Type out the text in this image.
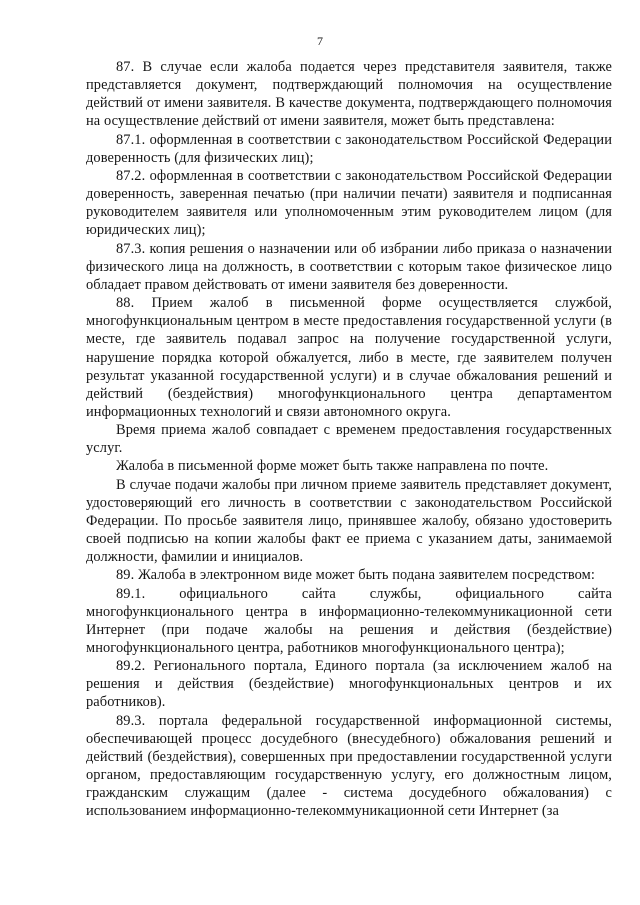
7

87. В случае если жалоба подается через представителя заявителя, также представляется документ, подтверждающий полномочия на осуществление действий от имени заявителя. В качестве документа, подтверждающего полномочия на осуществление действий от имени заявителя, может быть представлена:

87.1. оформленная в соответствии с законодательством Российской Федерации доверенность (для физических лиц);

87.2. оформленная в соответствии с законодательством Российской Федерации доверенность, заверенная печатью (при наличии печати) заявителя и подписанная руководителем заявителя или уполномоченным этим руководителем лицом (для юридических лиц);

87.3. копия решения о назначении или об избрании либо приказа о назначении физического лица на должность, в соответствии с которым такое физическое лицо обладает правом действовать от имени заявителя без доверенности.

88. Прием жалоб в письменной форме осуществляется службой, многофункциональным центром в месте предоставления государственной услуги (в месте, где заявитель подавал запрос на получение государственной услуги, нарушение порядка которой обжалуется, либо в месте, где заявителем получен результат указанной государственной услуги) и в случае обжалования решений и действий (бездействия) многофункционального центра департаментом информационных технологий и связи автономного округа.

Время приема жалоб совпадает с временем предоставления государственных услуг.

Жалоба в письменной форме может быть также направлена по почте.

В случае подачи жалобы при личном приеме заявитель представляет документ, удостоверяющий его личность в соответствии с законодательством Российской Федерации. По просьбе заявителя лицо, принявшее жалобу, обязано удостоверить своей подписью на копии жалобы факт ее приема с указанием даты, занимаемой должности, фамилии и инициалов.

89. Жалоба в электронном виде может быть подана заявителем посредством:

89.1. официального сайта службы, официального сайта многофункционального центра в информационно-телекоммуникационной сети Интернет (при подаче жалобы на решения и действия (бездействие) многофункционального центра, работников многофункционального центра);

89.2. Регионального портала, Единого портала (за исключением жалоб на решения и действия (бездействие) многофункциональных центров и их работников).

89.3. портала федеральной государственной информационной системы, обеспечивающей процесс досудебного (внесудебного) обжалования решений и действий (бездействия), совершенных при предоставлении государственной услуги органом, предоставляющим государственную услугу, его должностным лицом, гражданским служащим (далее - система досудебного обжалования) с использованием информационно-телекоммуникационной сети Интернет (за
